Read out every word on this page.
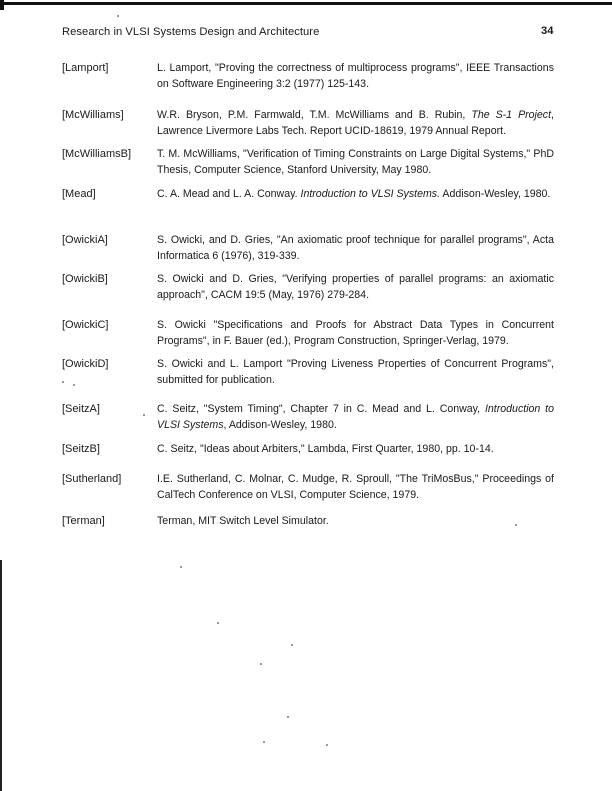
Research in VLSI Systems Design and Architecture	34
[Lamport]	L. Lamport, "Proving the correctness of multiprocess programs", IEEE Transactions on Software Engineering 3:2 (1977) 125-143.
[McWilliams]	W.R. Bryson, P.M. Farmwald, T.M. McWilliams and B. Rubin, The S-1 Project, Lawrence Livermore Labs Tech. Report UCID-18619, 1979 Annual Report.
[McWilliamsB] T. M. McWilliams, "Verification of Timing Constraints on Large Digital Systems," PhD Thesis, Computer Science, Stanford University, May 1980.
[Mead]	C. A. Mead and L. A. Conway. Introduction to VLSI Systems. Addison-Wesley, 1980.
[OwickiA]	S. Owicki, and D. Gries, "An axiomatic proof technique for parallel programs", Acta Informatica 6 (1976), 319-339.
[OwickiB]	S. Owicki and D. Gries, "Verifying properties of parallel programs: an axiomatic approach", CACM 19:5 (May, 1976) 279-284.
[OwickiC]	S. Owicki "Specifications and Proofs for Abstract Data Types in Concurrent Programs", in F. Bauer (ed.), Program Construction, Springer-Verlag, 1979.
[OwickiD]	S. Owicki and L. Lamport "Proving Liveness Properties of Concurrent Programs", submitted for publication.
[SeitzA]	C. Seitz, "System Timing", Chapter 7 in C. Mead and L. Conway, Introduction to VLSI Systems, Addison-Wesley, 1980.
[SeitzB]	C. Seitz, "Ideas about Arbiters," Lambda, First Quarter, 1980, pp. 10-14.
[Sutherland]	I.E. Sutherland, C. Molnar, C. Mudge, R. Sproull, "The TriMosBus," Proceedings of CalTech Conference on VLSI, Computer Science, 1979.
[Terman]	Terman, MIT Switch Level Simulator.
